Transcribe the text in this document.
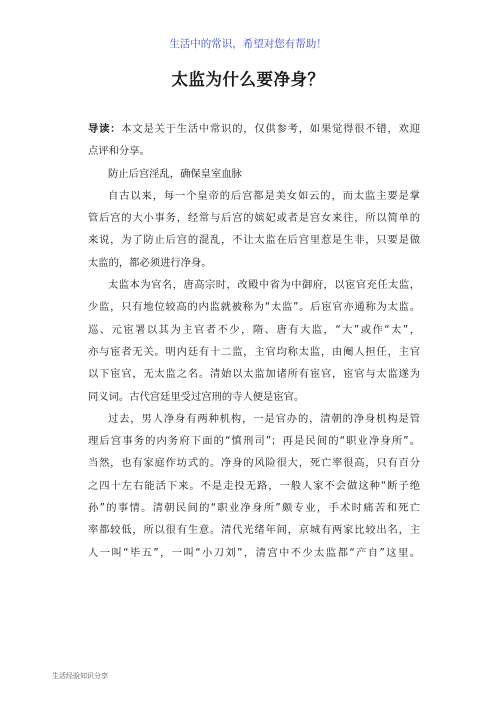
生活中的常识，希望对您有帮助！
太监为什么要净身？
导读：本文是关于生活中常识的，仅供参考，如果觉得很不错，欢迎
点评和分享。
防止后宫淫乱，确保皇室血脉
自古以来，每一个皇帝的后宫都是美女如云的，而太监主要是掌
管后宫的大小事务，经常与后宫的嫔妃或者是宫女来往，所以简单的
来说，为了防止后宫的混乱，不让太监在后宫里惹是生非，只要是做
太监的，都必须进行净身。
太监本为官名，唐高宗时，改殿中省为中御府，以宦官充任太监，
少监，只有地位较高的内监就被称为“太监”。后宦官亦通称为太监。
巡、元宦署以其为主官者不少，隋、唐有大监，“大”或作“太”，
亦与宦者无关。明内廷有十二监，主官均称太监，由阉人担任，主官
以下宦官，无太监之名。清始以太监加诸所有宦官，宦官与太监遂为
同义词。古代宫廷里受过宫刑的寺人便是宦官。
过去，男人净身有两种机构，一是官办的，清朝的净身机构是管
理后宫事务的内务府下面的“慎刑司”；再是民间的“职业净身所”。
当然，也有家庭作坊式的。净身的风险很大，死亡率很高，只有百分
之四十左右能活下来。不是走投无路，一般人家不会做这种“断子绝
孙”的事情。清朝民间的“职业净身所”颇专业，手术时痛苦和死亡
率都较低，所以很有生意。清代光绪年间，京城有两家比较出名，主
人一叫“毕五”，一叫“小刀刘”，清宫中不少太监都“产自”这里。
生活经验知识分享
